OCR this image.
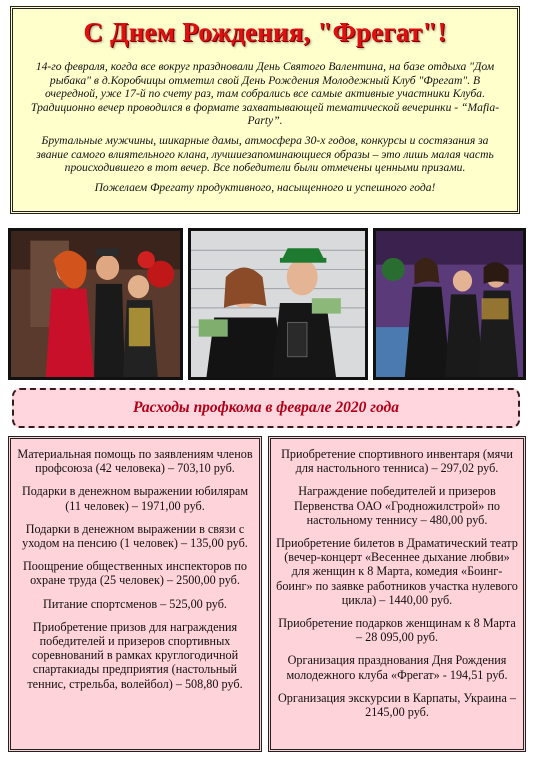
С Днем Рождения, "Фрегат"!

14-го февраля, когда все вокруг праздновали День Святого Валентина, на базе отдыха "Дом рыбака" в д.Коробчицы отметил свой День Рождения Молодежный Клуб "Фрегат". В очередной, уже 17-й по счету раз, там собрались все самые активные участники Клуба. Традиционно вечер проводился в формате захватывающей тематической вечеринки - “Mafia-Party”.

Брутальные мужчины, шикарные дамы, атмосфера 30-х годов, конкурсы и состязания за звание самого влиятельного клана, лучшиезапоминающиеся образы – это лишь малая часть происходившего в тот вечер. Все победители были отмечены ценными призами.

Пожелаем Фрегату продуктивного, насыщенного и успешного года!

Расходы профкома в феврале 2020 года

Материальная помощь по заявлениям членов профсоюза (42 человека) – 703,10 руб.

Подарки в денежном выражении юбилярам (11 человек) – 1971,00 руб.

Подарки в денежном выражении в связи с уходом на пенсию (1 человек) – 135,00 руб.

Поощрение общественных инспекторов по охране труда (25 человек) – 2500,00 руб.

Питание спортсменов – 525,00 руб.

Приобретение призов для награждения победителей и призеров спортивных соревнований в рамках круглогодичной спартакиады предприятия (настольный теннис, стрельба, волейбол) – 508,80 руб.

Приобретение спортивного инвентаря (мячи для настольного тенниса) – 297,02 руб.

Награждение победителей и призеров Первенства ОАО «Гродножилстрой» по настольному теннису – 480,00 руб.

Приобретение билетов в Драматический театр (вечер-концерт «Весеннее дыхание любви» для женщин к 8 Марта, комедия «Боинг-боинг» по заявке работников участка нулевого цикла) – 1440,00 руб.

Приобретение подарков женщинам к 8 Марта – 28 095,00 руб.

Организация празднования Дня Рождения молодежного клуба «Фрегат» - 194,51 руб.

Организация экскурсии в Карпаты, Украина – 2145,00 руб.
